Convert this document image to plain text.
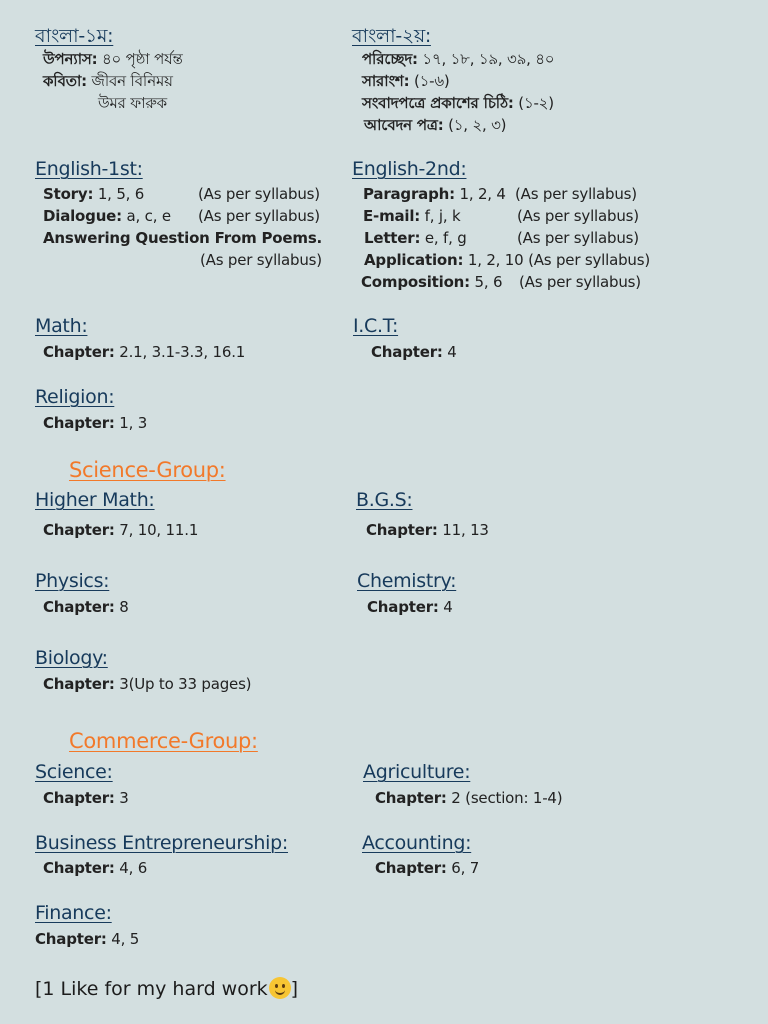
বাংলা-১ম:
উপন্যাস: ৪০ পৃষ্ঠা পর্যন্ত
কবিতা: জীবন বিনিময়
উমর ফারুক
বাংলা-২য়:
পরিচ্ছেদ: ১৭, ১৮, ১৯, ৩৯, ৪০
সারাংশ: (১-৬)
সংবাদপত্রে প্রকাশের চিঠি: (১-২)
আবেদন পত্র: (১, ২, ৩)
English-1st:
Story: 1, 5, 6	(As per syllabus)
Dialogue: a, c, e (As per syllabus)
Answering Question From Poems.
(As per syllabus)
English-2nd:
Paragraph: 1, 2, 4 (As per syllabus)
E-mail: f, j, k	(As per syllabus)
Letter: e, f, g	(As per syllabus)
Application: 1, 2, 10 (As per syllabus)
Composition: 5, 6 (As per syllabus)
Math:
Chapter: 2.1, 3.1-3.3, 16.1
I.C.T:
Chapter: 4
Religion:
Chapter: 1, 3
Science-Group:
Higher Math:
Chapter: 7, 10, 11.1
B.G.S:
Chapter: 11, 13
Physics:
Chapter: 8
Chemistry:
Chapter: 4
Biology:
Chapter: 3(Up to 33 pages)
Commerce-Group:
Science:
Chapter: 3
Agriculture:
Chapter: 2 (section: 1-4)
Business Entrepreneurship:
Chapter: 4, 6
Accounting:
Chapter: 6, 7
Finance:
Chapter: 4, 5
[1 Like for my hard work ]
